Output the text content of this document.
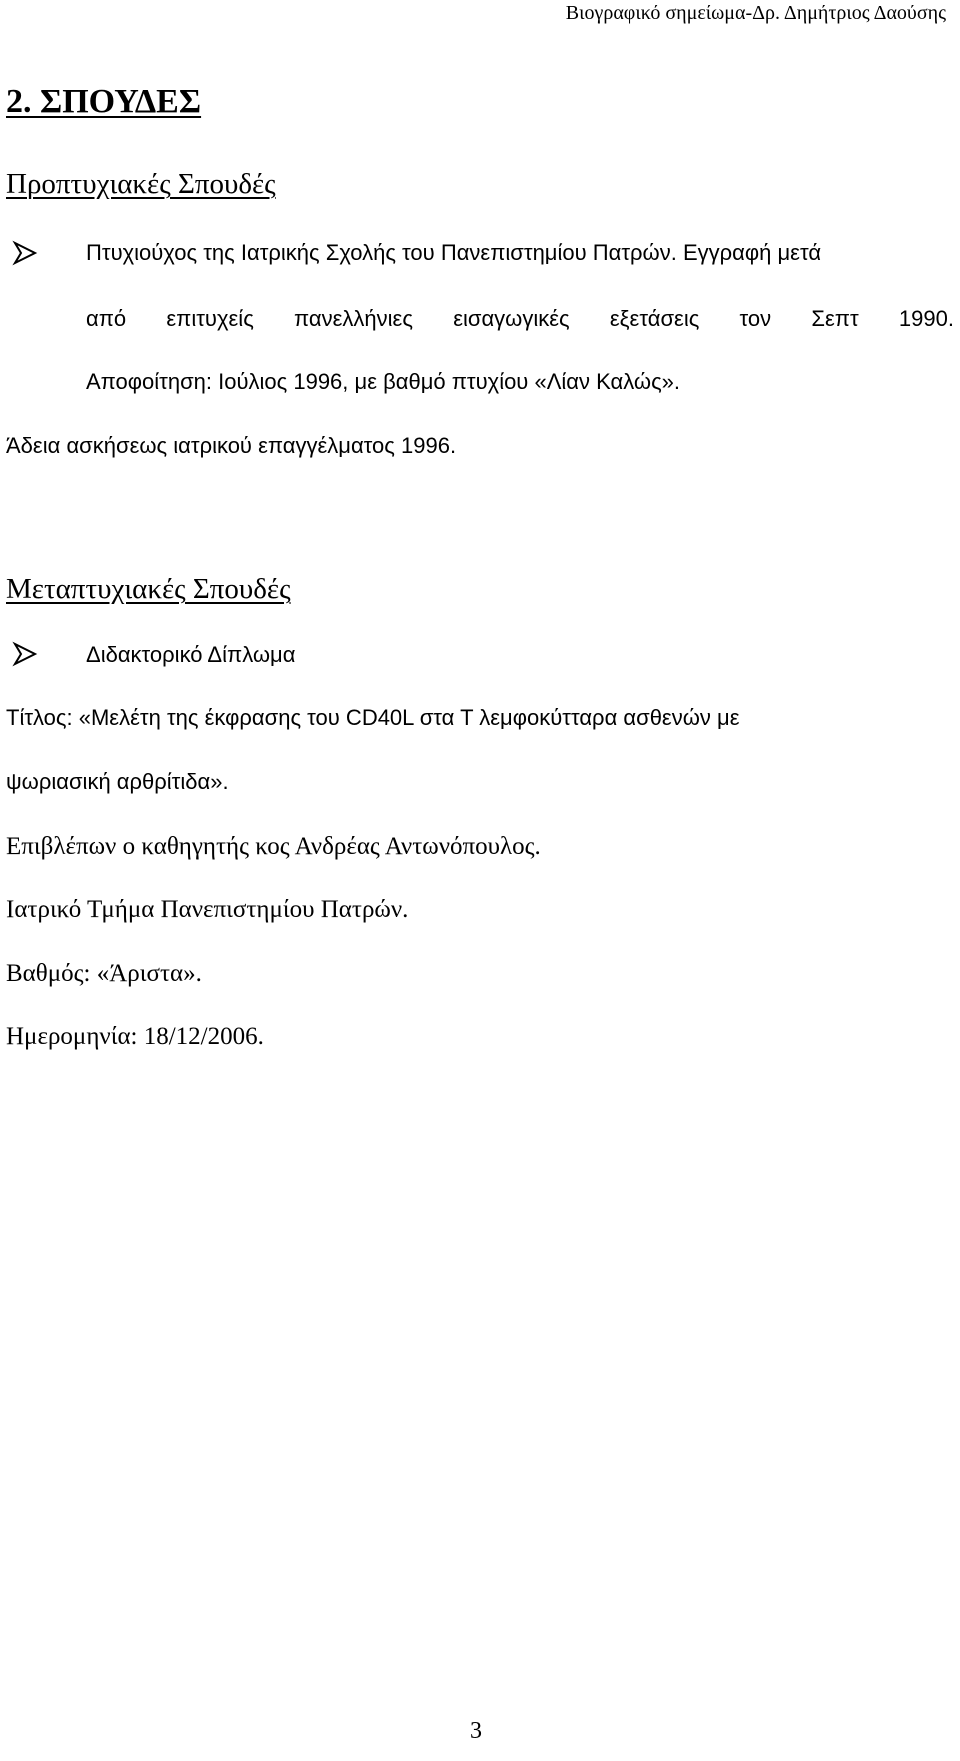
Βιογραφικό σημείωμα-Δρ. Δημήτριος Δαούσης
2. ΣΠΟΥΔΕΣ
Προπτυχιακές Σπουδές
Πτυχιούχος της Ιατρικής Σχολής του Πανεπιστημίου Πατρών. Εγγραφή μετά
από επιτυχείς πανελλήνιες εισαγωγικές εξετάσεις τον Σεπτ 1990.
Αποφοίτηση: Ιούλιος 1996, με βαθμό πτυχίου «Λίαν Καλώς».
Άδεια ασκήσεως ιατρικού επαγγέλματος 1996.
Μεταπτυχιακές Σπουδές
Διδακτορικό Δίπλωμα
Τίτλος: «Μελέτη της έκφρασης του CD40L στα Τ λεμφοκύτταρα ασθενών με
ψωριασική αρθρίτιδα».
Επιβλέπων ο καθηγητής κος Ανδρέας Αντωνόπουλος.
Ιατρικό Τμήμα Πανεπιστημίου Πατρών.
Βαθμός: «Άριστα».
Ημερομηνία: 18/12/2006.
3
